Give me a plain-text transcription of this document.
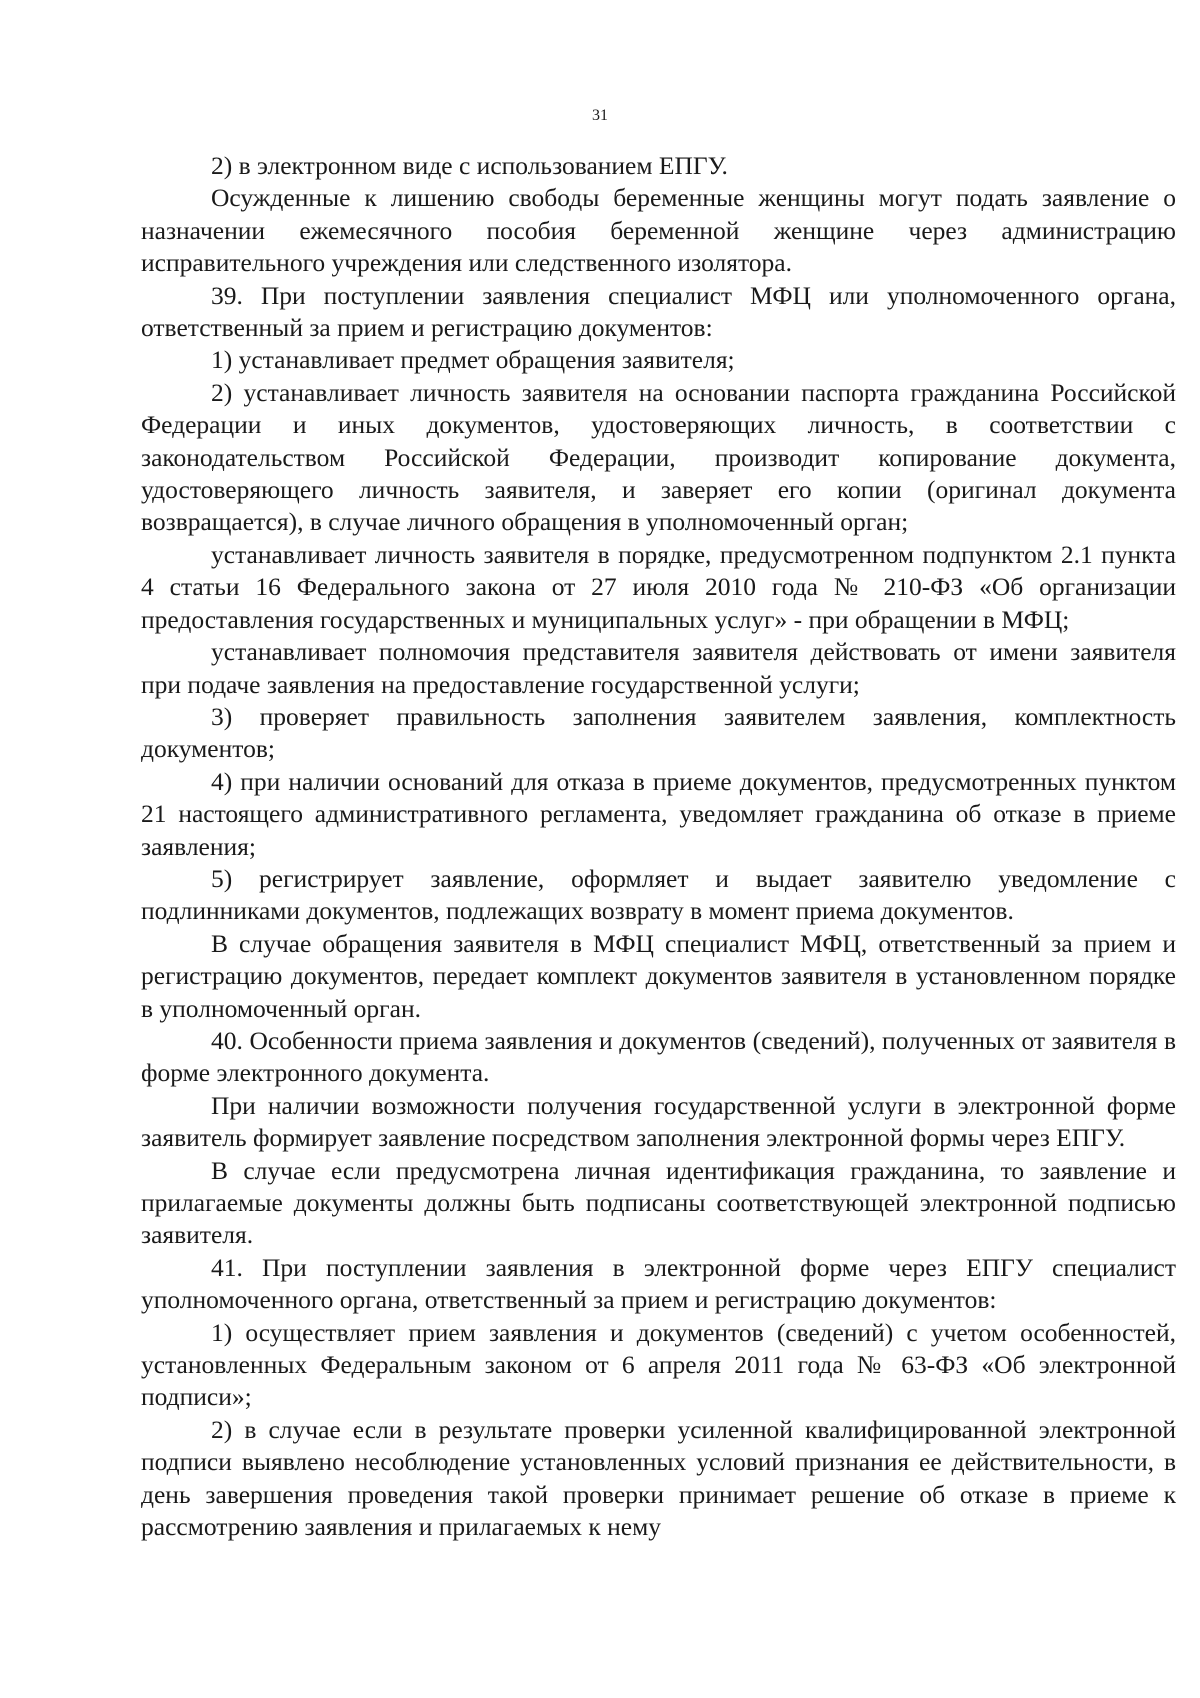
31

2) в электронном виде с использованием ЕПГУ.

Осужденные к лишению свободы беременные женщины могут подать заявление о назначении ежемесячного пособия беременной женщине через администрацию исправительного учреждения или следственного изолятора.

39. При поступлении заявления специалист МФЦ или уполномоченного органа, ответственный за прием и регистрацию документов:

1) устанавливает предмет обращения заявителя;

2) устанавливает личность заявителя на основании паспорта гражданина Российской Федерации и иных документов, удостоверяющих личность, в соответствии с законодательством Российской Федерации, производит копирование документа, удостоверяющего личность заявителя, и заверяет его копии (оригинал документа возвращается), в случае личного обращения в уполномоченный орган;

устанавливает личность заявителя в порядке, предусмотренном подпунктом 2.1 пункта 4 статьи 16 Федерального закона от 27 июля 2010 года № 210-ФЗ «Об организации предоставления государственных и муниципальных услуг» - при обращении в МФЦ;

устанавливает полномочия представителя заявителя действовать от имени заявителя при подаче заявления на предоставление государственной услуги;

3) проверяет правильность заполнения заявителем заявления, комплектность документов;

4) при наличии оснований для отказа в приеме документов, предусмотренных пунктом 21 настоящего административного регламента, уведомляет гражданина об отказе в приеме заявления;

5) регистрирует заявление, оформляет и выдает заявителю уведомление с подлинниками документов, подлежащих возврату в момент приема документов.

В случае обращения заявителя в МФЦ специалист МФЦ, ответственный за прием и регистрацию документов, передает комплект документов заявителя в установленном порядке в уполномоченный орган.

40. Особенности приема заявления и документов (сведений), полученных от заявителя в форме электронного документа.

При наличии возможности получения государственной услуги в электронной форме заявитель формирует заявление посредством заполнения электронной формы через ЕПГУ.

В случае если предусмотрена личная идентификация гражданина, то заявление и прилагаемые документы должны быть подписаны соответствующей электронной подписью заявителя.

41. При поступлении заявления в электронной форме через ЕПГУ специалист уполномоченного органа, ответственный за прием и регистрацию документов:

1) осуществляет прием заявления и документов (сведений) с учетом особенностей, установленных Федеральным законом от 6 апреля 2011 года № 63-ФЗ «Об электронной подписи»;

2) в случае если в результате проверки усиленной квалифицированной электронной подписи выявлено несоблюдение установленных условий признания ее действительности, в день завершения проведения такой проверки принимает решение об отказе в приеме к рассмотрению заявления и прилагаемых к нему
